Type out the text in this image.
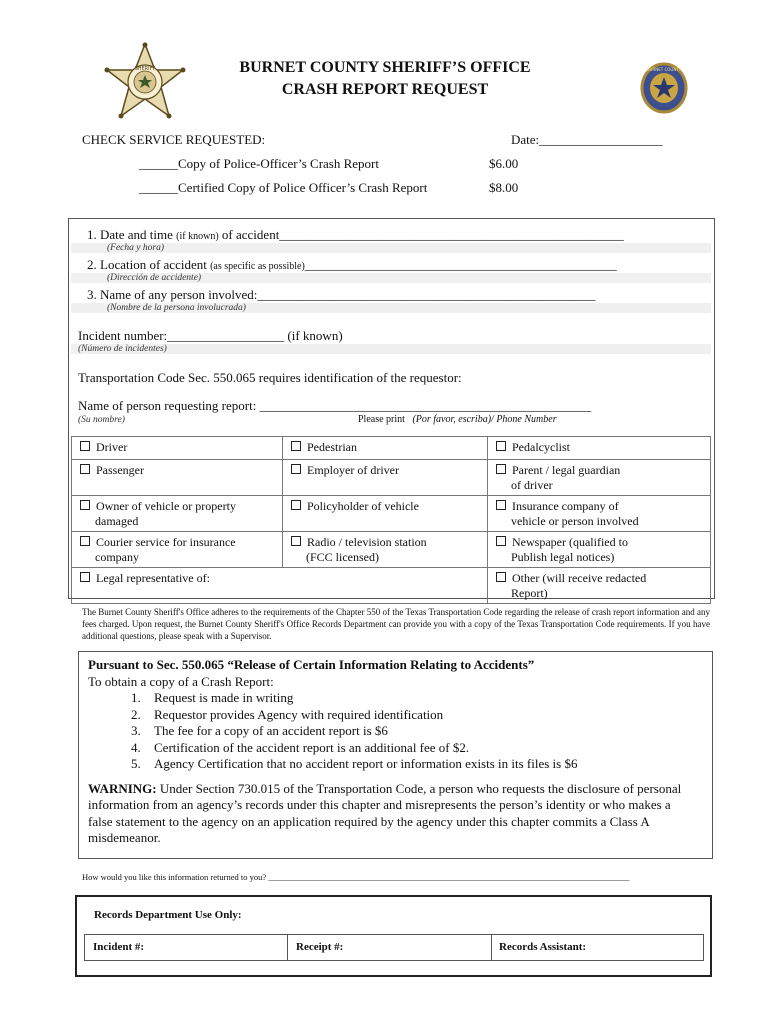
SHERIFF	BURNET COUNTY
BURNET COUNTY SHERIFF’S OFFICE
CRASH REPORT REQUEST
CHECK SERVICE REQUESTED:	Date:___________________
______Copy of Police-Officer’s Crash Report	$6.00
______Certified Copy of Police Officer’s Crash Report	$8.00
1. Date and time (if known) of accident_____________________________________________________
(Fecha y hora)
2. Location of accident (as specific as possible)________________________________________________
(Dirección de accidente)
3. Name of any person involved:____________________________________________________
(Nombre de la persona involucrada)
Incident number:__________________ (if known)
(Número de incidentes)
Transportation Code Sec. 550.065 requires identification of the requestor:
Name of person requesting report: ___________________________________________________
(Su nombre)	Please print (Por favor, escriba)/ Phone Number
Driver	Pedestrian	Pedalcyclist
Passenger	Employer of driver	Parent / legal guardian
of driver
Owner of vehicle or property
damaged	Policyholder of vehicle	Insurance company of
vehicle or person involved
Courier service for insurance
company	Radio / television station
(FCC licensed)	Newspaper (qualified to
Publish legal notices)
Legal representative of:		Other (will receive redacted
Report)
The Burnet County Sheriff's Office adheres to the requirements of the Chapter 550 of the Texas Transportation Code regarding the release of crash report information and any fees charged. Upon request, the Burnet County Sheriff's Office Records Department can provide you with a copy of the Texas Transportation Code requirements. If you have additional questions, please speak with a Supervisor.
Pursuant to Sec. 550.065 “Release of Certain Information Relating to Accidents”
To obtain a copy of a Crash Report:
1. Request is made in writing
2. Requestor provides Agency with required identification
3. The fee for a copy of an accident report is $6
4. Certification of the accident report is an additional fee of $2.
5. Agency Certification that no accident report or information exists in its files is $6
WARNING: Under Section 730.015 of the Transportation Code, a person who requests the disclosure of personal information from an agency’s records under this chapter and misrepresents the person’s identity or who makes a false statement to the agency on an application required by the agency under this chapter commits a Class A misdemeanor.
How would you like this information returned to you? _____________________________________________________________________________________
Records Department Use Only:
Incident #:	Receipt #:	Records Assistant:
